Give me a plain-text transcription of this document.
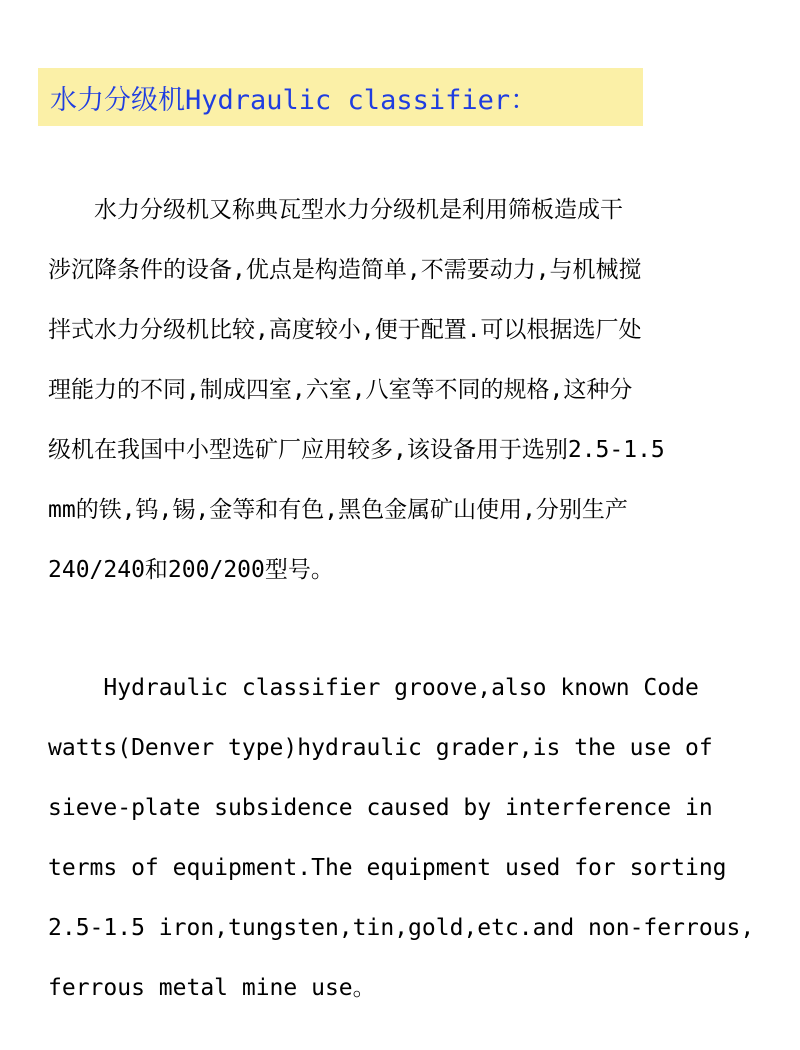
水力分级机Hydraulic classifier：
　　水力分级机又称典瓦型水力分级机是利用筛板造成干
涉沉降条件的设备,优点是构造简单,不需要动力,与机械搅
拌式水力分级机比较,高度较小,便于配置.可以根据选厂处
理能力的不同,制成四室,六室,八室等不同的规格,这种分
级机在我国中小型选矿厂应用较多,该设备用于选别2.5-1.5
mm的铁,钨,锡,金等和有色,黑色金属矿山使用,分别生产
240/240和200/200型号。
Hydraulic classifier groove,also known Code
watts(Denver type)hydraulic grader,is the use of
sieve-plate subsidence caused by interference in
terms of equipment.The equipment used for sorting
2.5-1.5 iron,tungsten,tin,gold,etc.and non-ferrous,
ferrous metal mine use。
